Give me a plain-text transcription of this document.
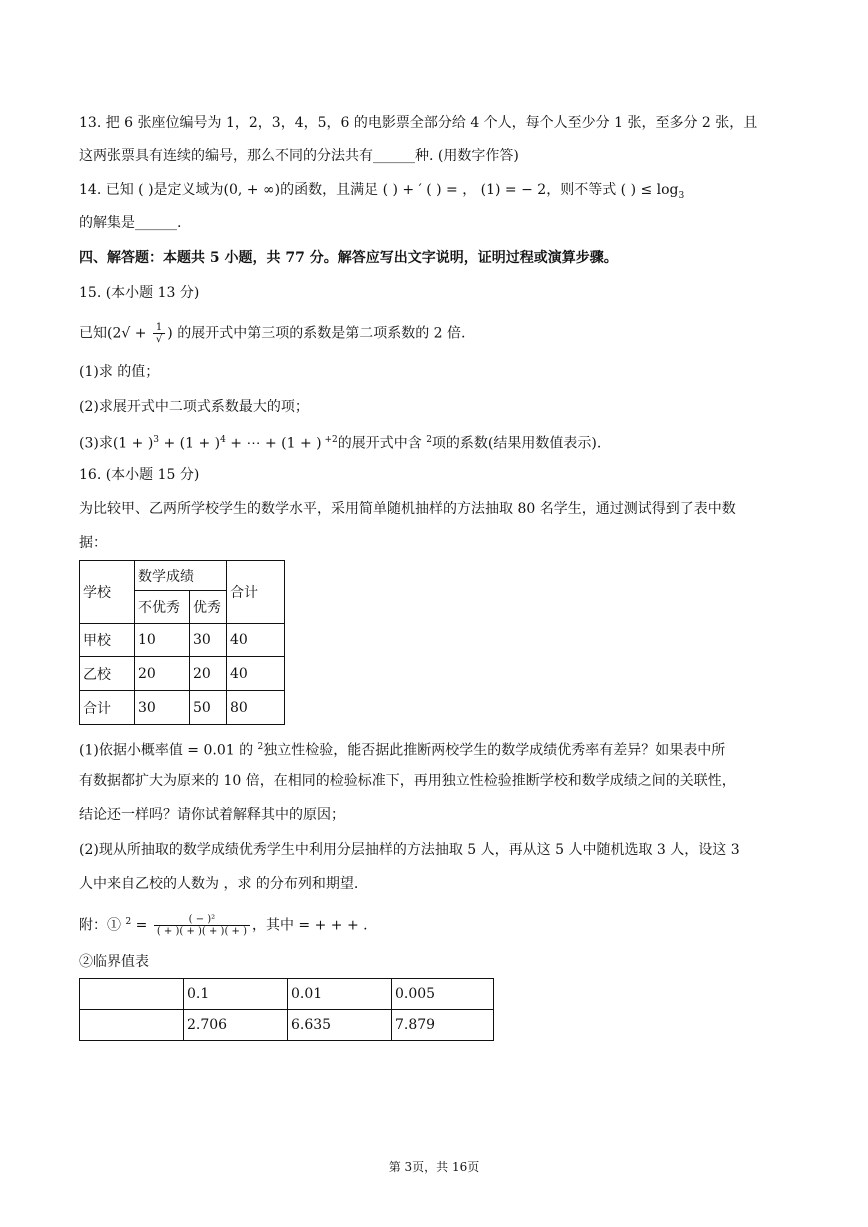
13. 把 6 张座位编号为 1，2，3，4，5，6 的电影票全部分给 4 个人，每个人至少分 1 张，至多分 2 张，且
这两张票具有连续的编号，那么不同的分法共有______种. (用数字作答)
14. 已知 ( )是定义域为(0, + ∞)的函数，且满足 ( ) + ′ ( ) = ， (1) = − 2，则不等式 ( ) ≤ $\log_3$
的解集是______.
四、解答题：本题共 5 小题，共 77 分。解答应写出文字说明，证明过程或演算步骤。
15. (本小题 13 分)
已知($2√ + \frac{1}{√}$ ) 的展开式中第三项的系数是第二项系数的 2 倍.
(1)求 的值；
(2)求展开式中二项式系数最大的项；
(3)求$(1 + )^3 + (1 + )^4$ + ⋯ + (1 + ) $^{+2}$的展开式中含 $^2$项的系数(结果用数值表示).
16. (本小题 15 分)
为比较甲、乙两所学校学生的数学水平，采用简单随机抽样的方法抽取 80 名学生，通过测试得到了表中数
据：
学校	数学成绩		合计
	不优秀	优秀	
甲校	10	30	40
乙校	20	20	40
合计	30	50	80
(1)依据小概率值 = 0.01 的 $^2$独立性检验，能否据此推断两校学生的数学成绩优秀率有差异？如果表中所
有数据都扩大为原来的 10 倍，在相同的检验标准下，再用独立性检验推断学校和数学成绩之间的关联性，
结论还一样吗？请你试着解释其中的原因；
(2)现从所抽取的数学成绩优秀学生中利用分层抽样的方法抽取 5 人，再从这 5 人中随机选取 3 人，设这 3
人中来自乙校的人数为 ，求 的分布列和期望.
附：① $^2 = \frac{\text{( − )²}}{( + )( + )( + )( + )}$ ，其中 = + + + .
②临界值表
	0.1	0.01	0.005
	2.706	6.635	7.879
第 3页，共 16页
